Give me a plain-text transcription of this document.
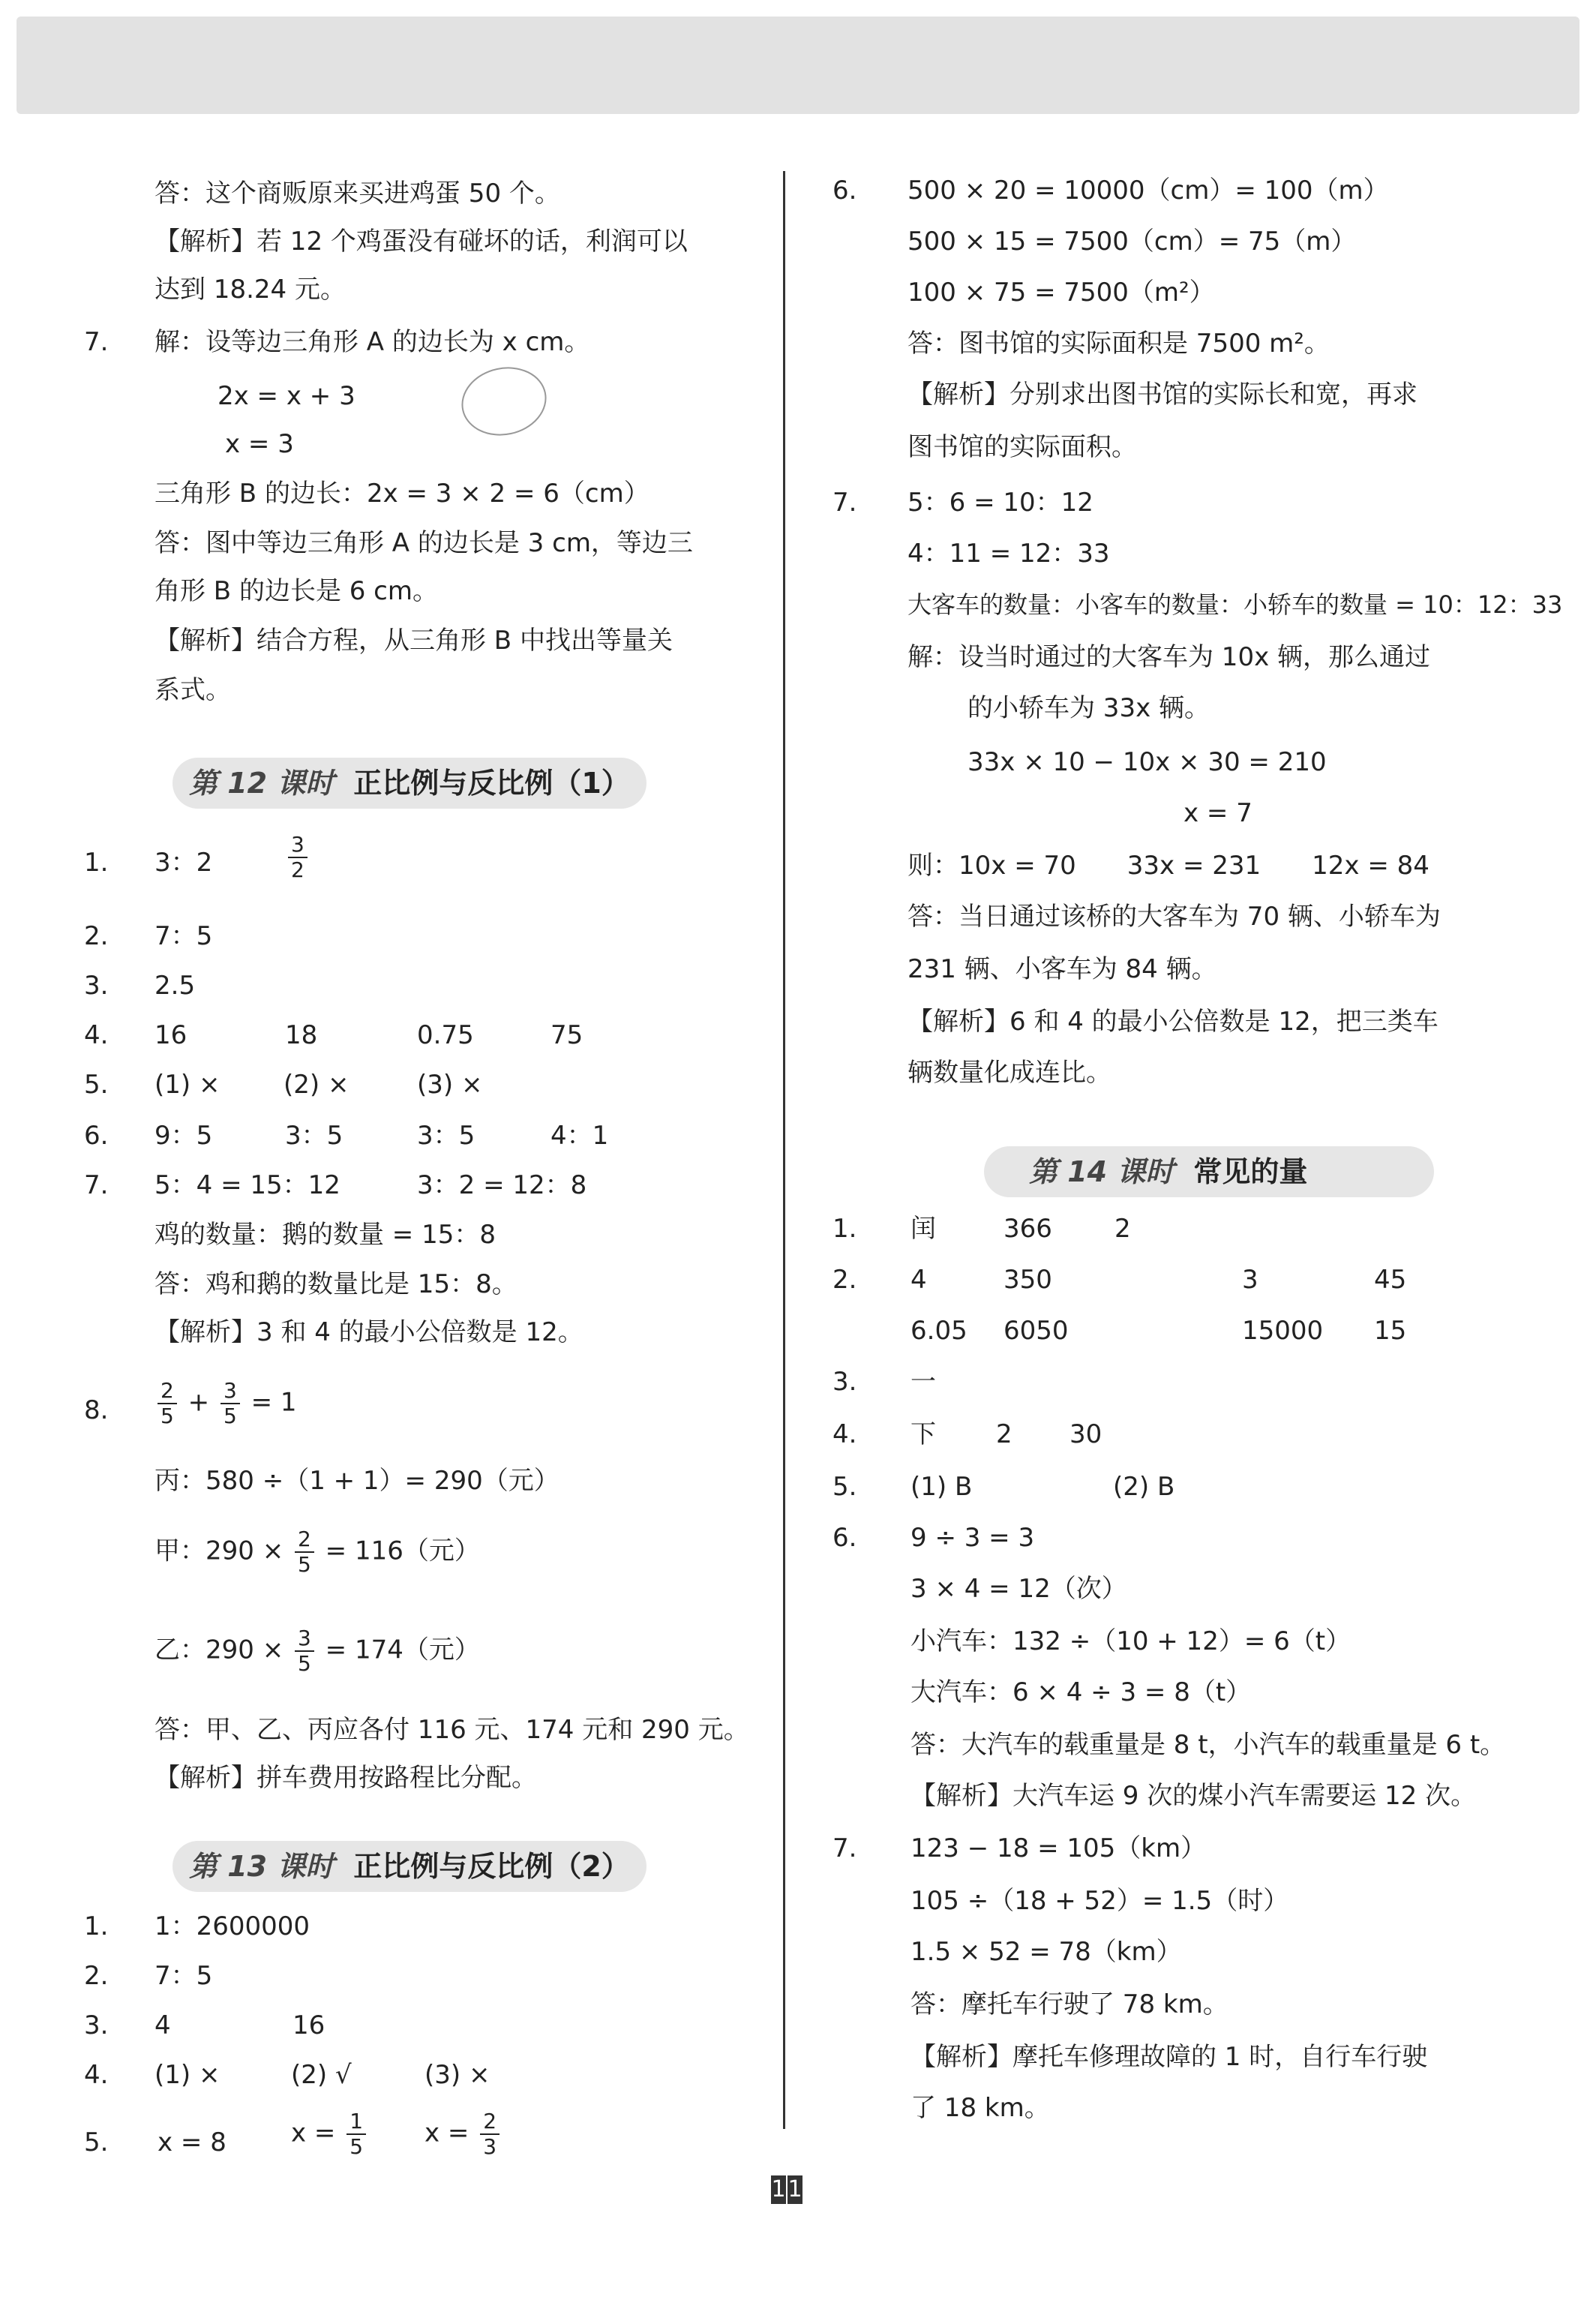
答：这个商贩原来买进鸡蛋 50 个。
【解析】若 12 个鸡蛋没有碰坏的话，利润可以
达到 18.24 元。
7. 解：设等边三角形 A 的边长为 x cm。
2x = x + 3
x = 3
三角形 B 的边长：2x = 3 × 2 = 6（cm）
答：图中等边三角形 A 的边长是 3 cm，等边三
角形 B 的边长是 6 cm。
【解析】结合方程，从三角形 B 中找出等量关
系式。
第 12 课时 正比例与反比例（1）
1. 3：2	$\frac{3}{2}$
2. 7：5
3. 2.5
4. 16	18	0.75	75
5. (1) × (2) ×	(3) ×
6. 9：5	3：5	3：5	4：1
7. 5：4 = 15：12	3：2 = 12：8
鸡的数量：鹅的数量 = 15：8
答：鸡和鹅的数量比是 15：8。
【解析】3 和 4 的最小公倍数是 12。
8. $\frac{2}{5} + \frac{3}{5} = 1$
丙：580 ÷（1 + 1）= 290（元）
甲：$290 \times \frac{2}{5} = 116$（元）
乙：$290 \times \frac{3}{5} = 174$（元）
答：甲、乙、丙应各付 116 元、174 元和 290 元。
【解析】拼车费用按路程比分配。
第 13 课时 正比例与反比例（2）
1. 1：2600000
2. 7：5
3. 4	16
4. (1) ×	(2) √	(3) ×
5. x = 8	$x = \frac{1}{5}$ $x = \frac{2}{3}$
6. 500 × 20 = 10000（cm）= 100（m）
500 × 15 = 7500（cm）= 75（m）
100 × 75 = 7500（m²）
答：图书馆的实际面积是 7500 m²。
【解析】分别求出图书馆的实际长和宽，再求
图书馆的实际面积。
7. 5：6 = 10：12
4：11 = 12：33
大客车的数量：小客车的数量：小轿车的数量 = 10：12：33
解：设当时通过的大客车为 10x 辆，那么通过
的小轿车为 33x 辆。
33x × 10 − 10x × 30 = 210
x = 7
则：10x = 70　　33x = 231　　12x = 84
答：当日通过该桥的大客车为 70 辆、小轿车为
231 辆、小客车为 84 辆。
【解析】6 和 4 的最小公倍数是 12，把三类车
辆数量化成连比。
第 14 课时 常见的量
1. 闰	366 2
2. 4	350	3	45
6.05 6050	15000 15
3. 一
4. 下 2 30
5. (1) B	(2) B
6. 9 ÷ 3 = 3
3 × 4 = 12（次）
小汽车：132 ÷（10 + 12）= 6（t）
大汽车：6 × 4 ÷ 3 = 8（t）
答：大汽车的载重量是 8 t，小汽车的载重量是 6 t。
【解析】大汽车运 9 次的煤小汽车需要运 12 次。
7. 123 − 18 = 105（km）
105 ÷（18 + 52）= 1.5（时）
1.5 × 52 = 78（km）
答：摩托车行驶了 78 km。
【解析】摩托车修理故障的 1 时，自行车行驶
了 18 km。
11
